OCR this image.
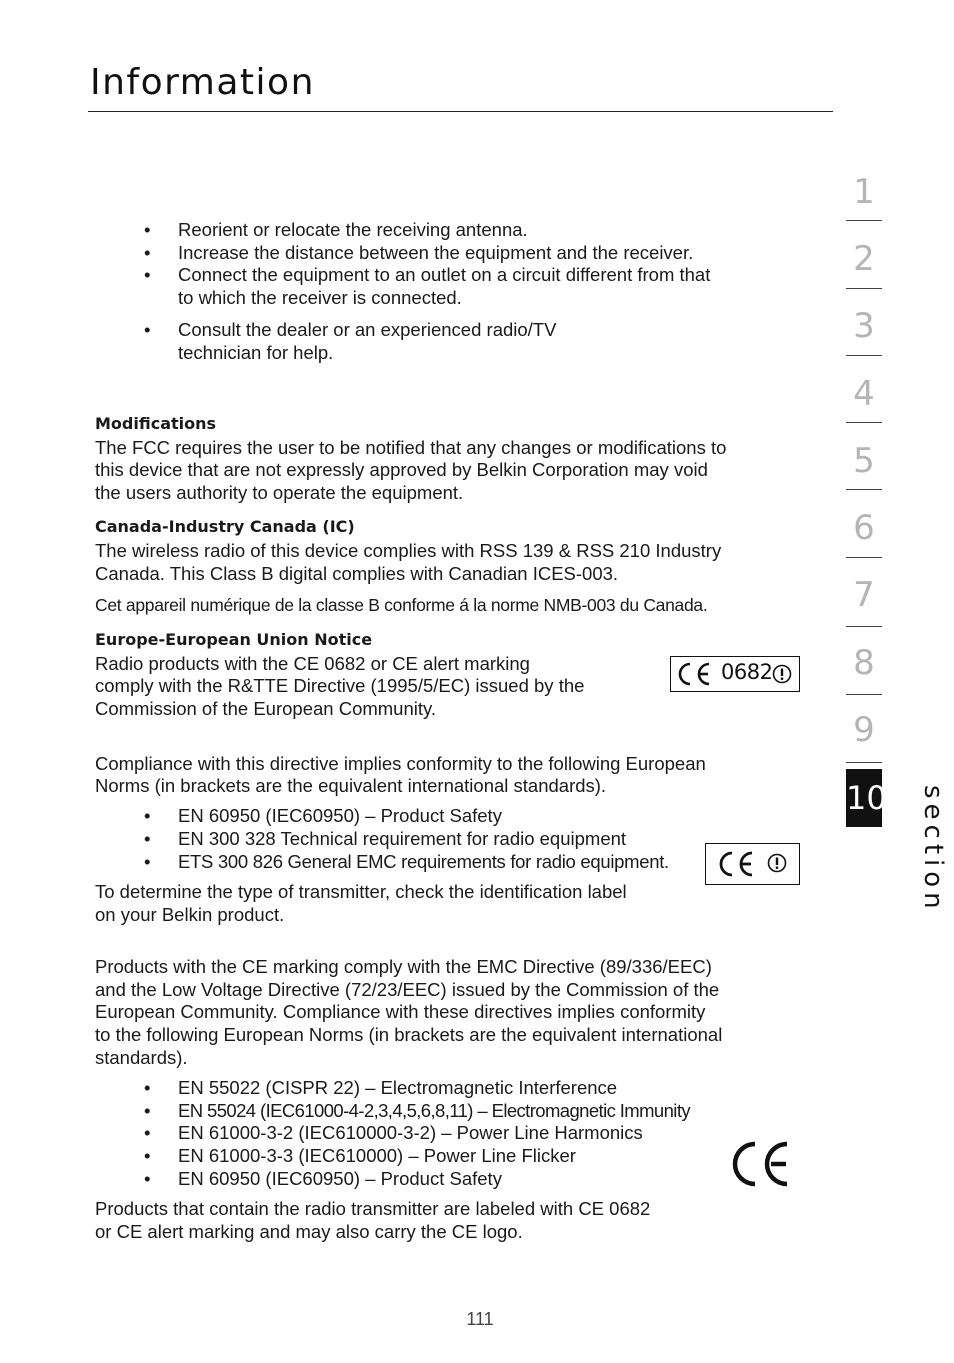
Information
1
2
3
4
5
6
7
8
9
10 section
• Reorient or relocate the receiving antenna.
• Increase the distance between the equipment and the receiver.
• Connect the equipment to an outlet on a circuit different from that
to which the receiver is connected.
• Consult the dealer or an experienced radio/TV
technician for help.
Modifications
The FCC requires the user to be notified that any changes or modifications to
this device that are not expressly approved by Belkin Corporation may void
the users authority to operate the equipment.
Canada-Industry Canada (IC)
The wireless radio of this device complies with RSS 139 & RSS 210 Industry
Canada. This Class B digital complies with Canadian ICES-003.
Cet appareil numérique de la classe B conforme á la norme NMB-003 du Canada.
Europe-European Union Notice
Radio products with the CE 0682 or CE alert marking
comply with the R&TTE Directive (1995/5/EC) issued by the
Commission of the European Community.
0682
Compliance with this directive implies conformity to the following European
Norms (in brackets are the equivalent international standards).
• EN 60950 (IEC60950) – Product Safety
• EN 300 328 Technical requirement for radio equipment
• ETS 300 826 General EMC requirements for radio equipment.
To determine the type of transmitter, check the identification label
on your Belkin product.
Products with the CE marking comply with the EMC Directive (89/336/EEC)
and the Low Voltage Directive (72/23/EEC) issued by the Commission of the
European Community. Compliance with these directives implies conformity
to the following European Norms (in brackets are the equivalent international
standards).
• EN 55022 (CISPR 22) – Electromagnetic Interference
• EN 55024 (IEC61000-4-2,3,4,5,6,8,11) – Electromagnetic Immunity
• EN 61000-3-2 (IEC610000-3-2) – Power Line Harmonics
• EN 61000-3-3 (IEC610000) – Power Line Flicker
• EN 60950 (IEC60950) – Product Safety
Products that contain the radio transmitter are labeled with CE 0682
or CE alert marking and may also carry the CE logo.
111
